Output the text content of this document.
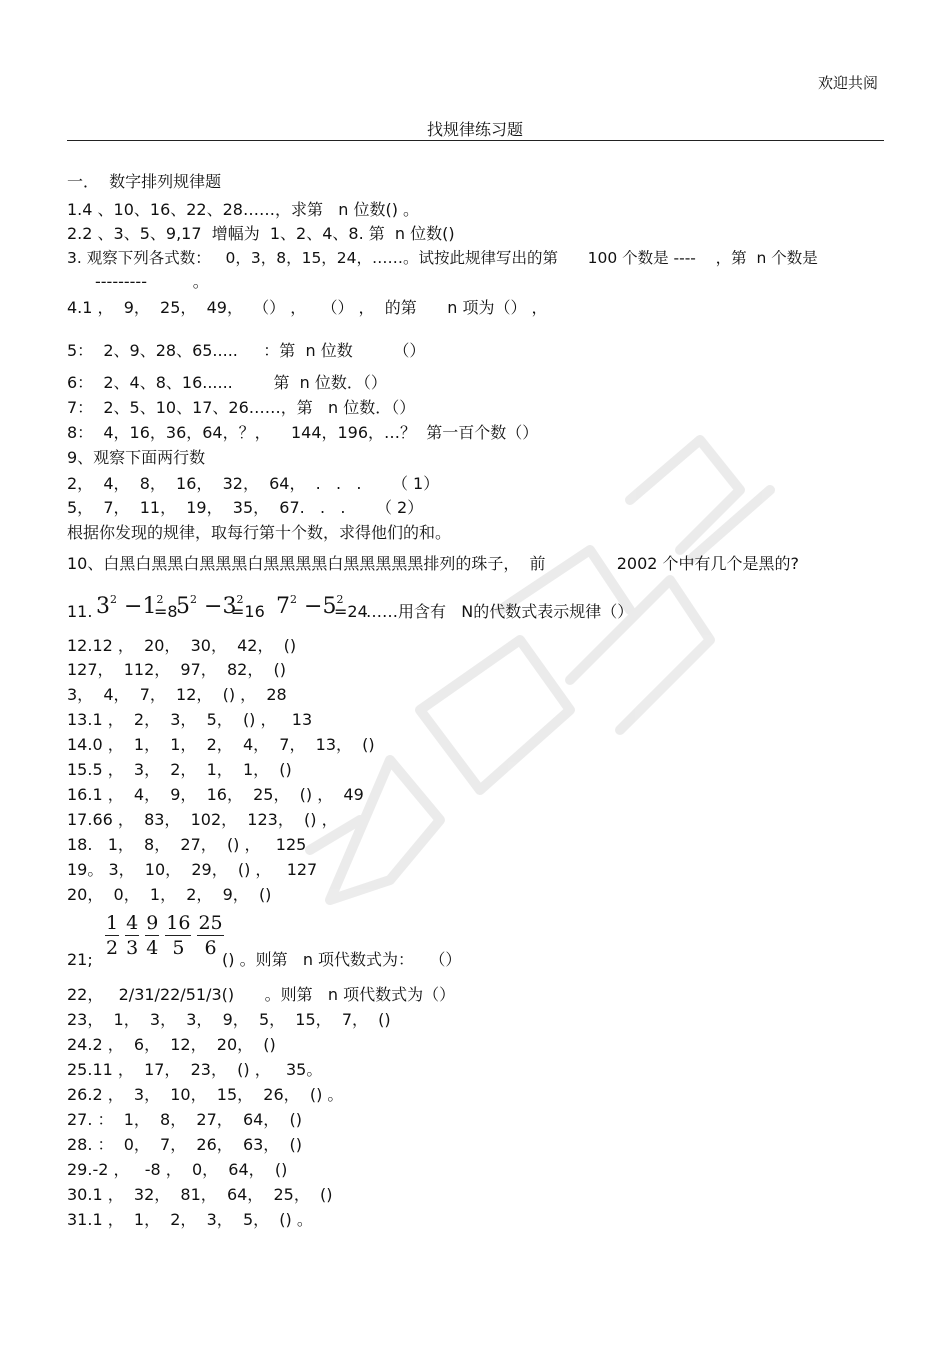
欢迎共阅
找规律练习题
一．  数字排列规律题
1.4 、10、16、22、28……，求第   n 位数() 。
2.2 、3、5、9,17  增幅为  1、2、4、8. 第  n 位数()
3. 观察下列各式数：   0，3，8，15，24，……。试按此规律写出的第      100 个数是 ----    ，第  n 个数是
---------         。
4.1 ，  9，  25，  49，  （） ，   （） ，  的第      n 项为（） ，
5：  2、9、28、65.....     ：第  n 位数        （）
6：  2、4、8、16......        第  n 位数．（）
7：  2、5、10、17、26……，第   n 位数．（）
8：  4，16，36，64，？，    144，196，…？  第一百个数（）
9、观察下面两行数
2，  4，  8，  16，  32，  64，  .   .   .      （ 1）
5，  7，  11，  19，  35，  67.   .   .      （ 2）
根据你发现的规律，取每行第十个数，求得他们的和。
10、白黑白黑黑白黑黑黑白黑黑黑黑白黑黑黑黑黑排列的珠子，  前              2002 个中有几个是黑的?
11. $3^2 -1^2$
=8
$5^2 -3^2$
=16 $7^2 -5^2$
=24
……用含有   N的代数式表示规律（）
12.12 ，  20，  30，  42，  ()
127，  112，  97，  82，  ()
3，  4，  7，  12，  () ，  28
13.1 ，  2，  3，  5，  () ，   13
14.0 ，  1，  1，  2，  4，  7，  13，  ()
15.5 ，  3，  2，  1，  1，  ()
16.1 ，  4，  9，  16，  25，  () ，  49
17.66 ，  83，  102，  123，  () ，
18.   1，  8，  27，  () ，   125
19。 3，  10，  29，  () ，   127
20，  0，  1，  2，  9，  ()
$\frac{1}{2} \frac{4}{3} \frac{9}{4} \frac{16}{5} \frac{25}{6}$
21;	() 。则第   n 项代数式为：   （）
22，   2/31/22/51/3()      。则第   n 项代数式为（）
23，  1，  3，  3，  9，  5，  15，  7，  ()
24.2 ，  6，  12，  20，  ()
25.11 ，  17，  23，  () ，   35。
26.2 ，  3，  10，  15，  26，  () 。
27. ：  1，  8，  27，  64，  ()
28. ：  0，  7，  26，  63，  ()
29.-2 ，   -8 ，  0，  64，  ()
30.1 ，  32，  81，  64，  25，  ()
31.1 ，  1，  2，  3，  5，  () 。
